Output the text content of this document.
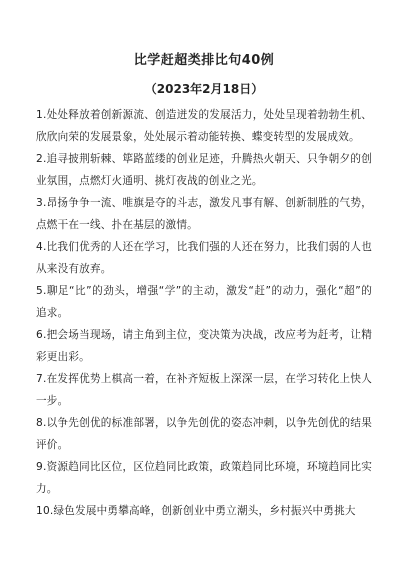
比学赶超类排比句40例
（2023年2月18日）

1.处处释放着创新源流、创造迸发的发展活力，处处呈现着勃勃生机、欣欣向荣的发展景象，处处展示着动能转换、蝶变转型的发展成效。

2.追寻披荆斩棘、筚路蓝缕的创业足迹，升腾热火朝天、只争朝夕的创业氛围，点燃灯火通明、挑灯夜战的创业之光。

3.昂扬争争一流、唯旗是夺的斗志，激发凡事有解、创新制胜的气势，点燃干在一线、扑在基层的激情。

4.比我们优秀的人还在学习，比我们强的人还在努力，比我们弱的人也从来没有放弃。

5.聊足“比”的劲头，增强“学”的主动，激发“赶”的动力，强化“超”的追求。

6.把会场当现场，请主角到主位，变决策为决战，改应考为赶考，让精彩更出彩。

7.在发挥优势上棋高一着，在补齐短板上深深一层，在学习转化上快人一步。

8.以争先创优的标准部署，以争先创优的姿态冲刺，以争先创优的结果评价。

9.资源趋同比区位，区位趋同比政策，政策趋同比环境，环境趋同比实力。

10.绿色发展中勇攀高峰，创新创业中勇立潮头，乡村振兴中勇挑大
